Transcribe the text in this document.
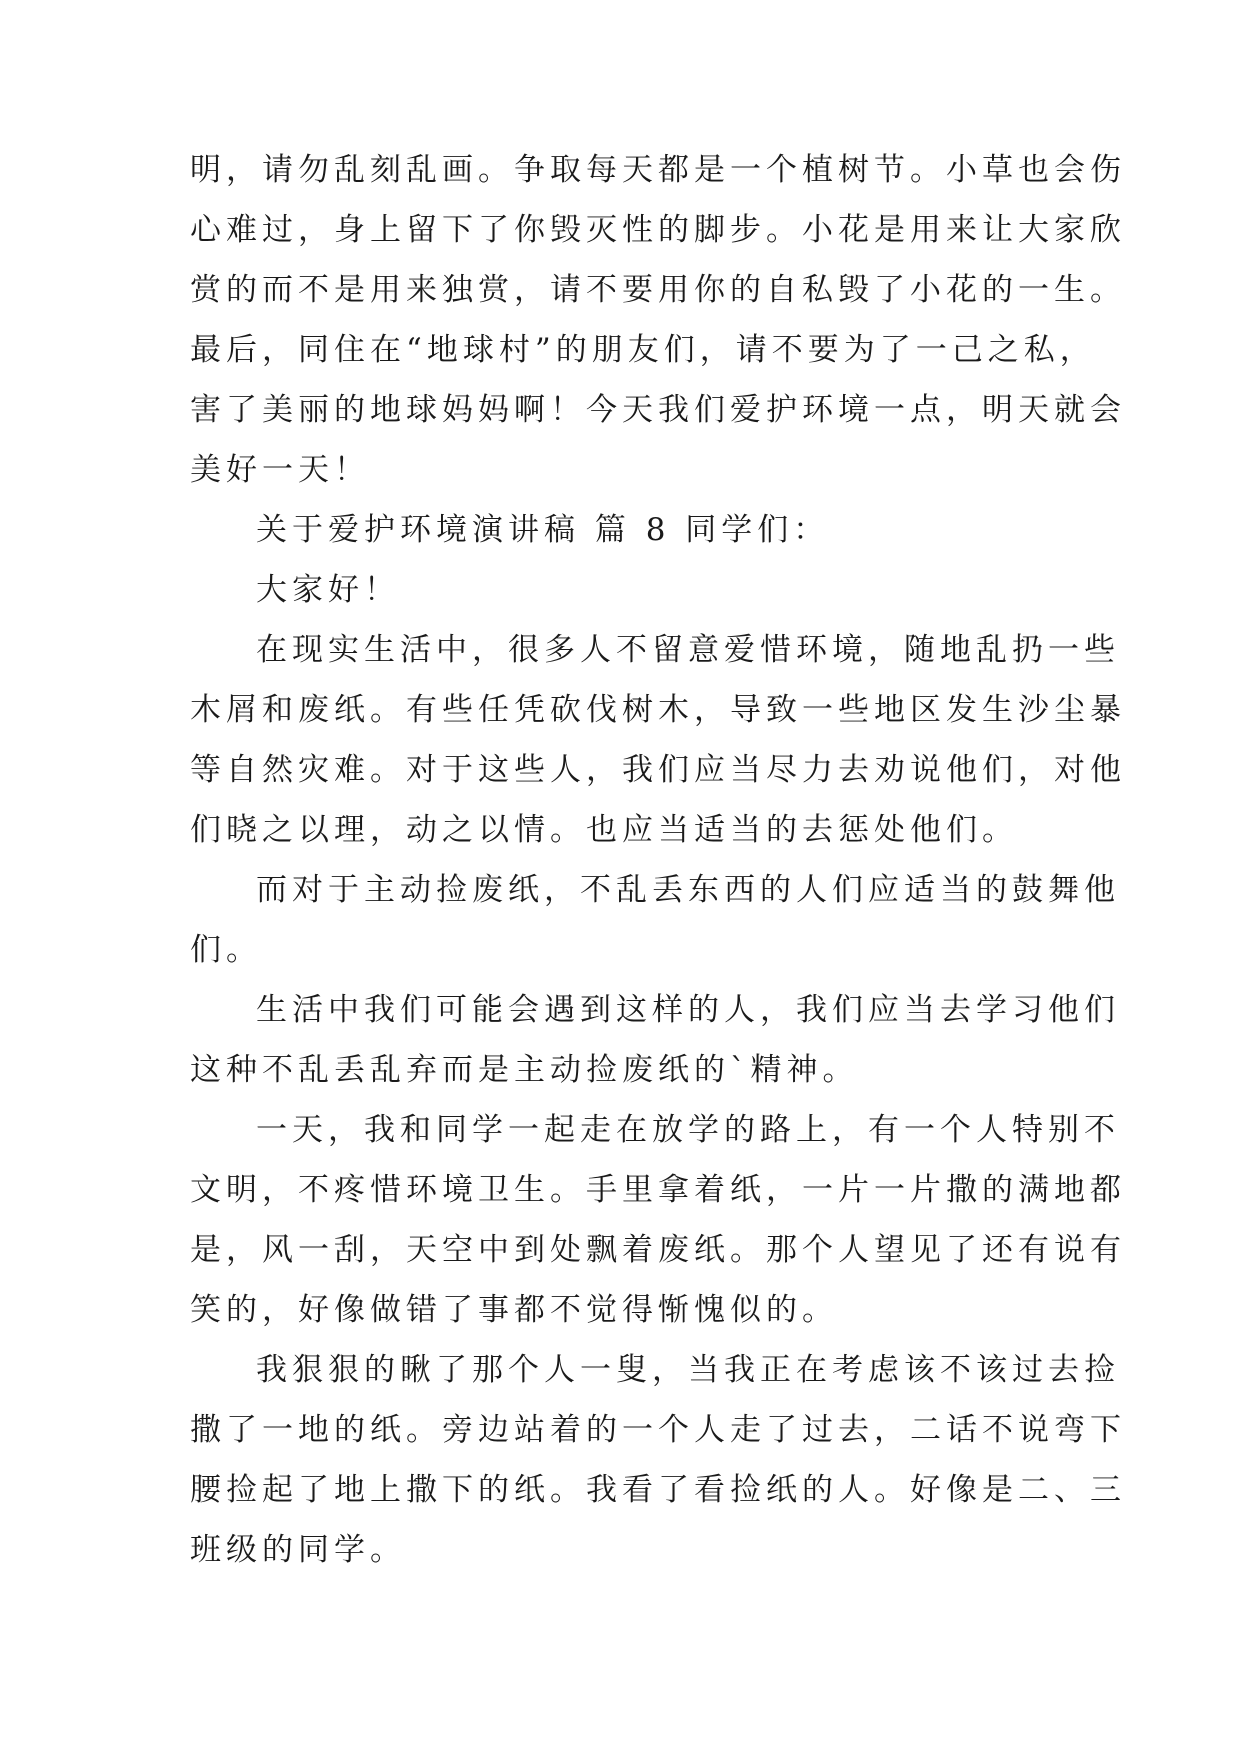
明，请勿乱刻乱画。争取每天都是一个植树节。小草也会伤
心难过，身上留下了你毁灭性的脚步。小花是用来让大家欣
赏的而不是用来独赏，请不要用你的自私毁了小花的一生。
最后，同住在“地球村”的朋友们，请不要为了一己之私，
害了美丽的地球妈妈啊！今天我们爱护环境一点，明天就会
美好一天！
关于爱护环境演讲稿 篇 8 同学们：
大家好！
在现实生活中，很多人不留意爱惜环境，随地乱扔一些
木屑和废纸。有些任凭砍伐树木，导致一些地区发生沙尘暴
等自然灾难。对于这些人，我们应当尽力去劝说他们，对他
们晓之以理，动之以情。也应当适当的去惩处他们。
而对于主动捡废纸，不乱丢东西的人们应适当的鼓舞他
们。
生活中我们可能会遇到这样的人，我们应当去学习他们
这种不乱丢乱弃而是主动捡废纸的`精神。
一天，我和同学一起走在放学的路上，有一个人特别不
文明，不疼惜环境卫生。手里拿着纸，一片一片撒的满地都
是，风一刮，天空中到处飘着废纸。那个人望见了还有说有
笑的，好像做错了事都不觉得惭愧似的。
我狠狠的瞅了那个人一叟，当我正在考虑该不该过去捡
撒了一地的纸。旁边站着的一个人走了过去，二话不说弯下
腰捡起了地上撒下的纸。我看了看捡纸的人。好像是二、三
班级的同学。
